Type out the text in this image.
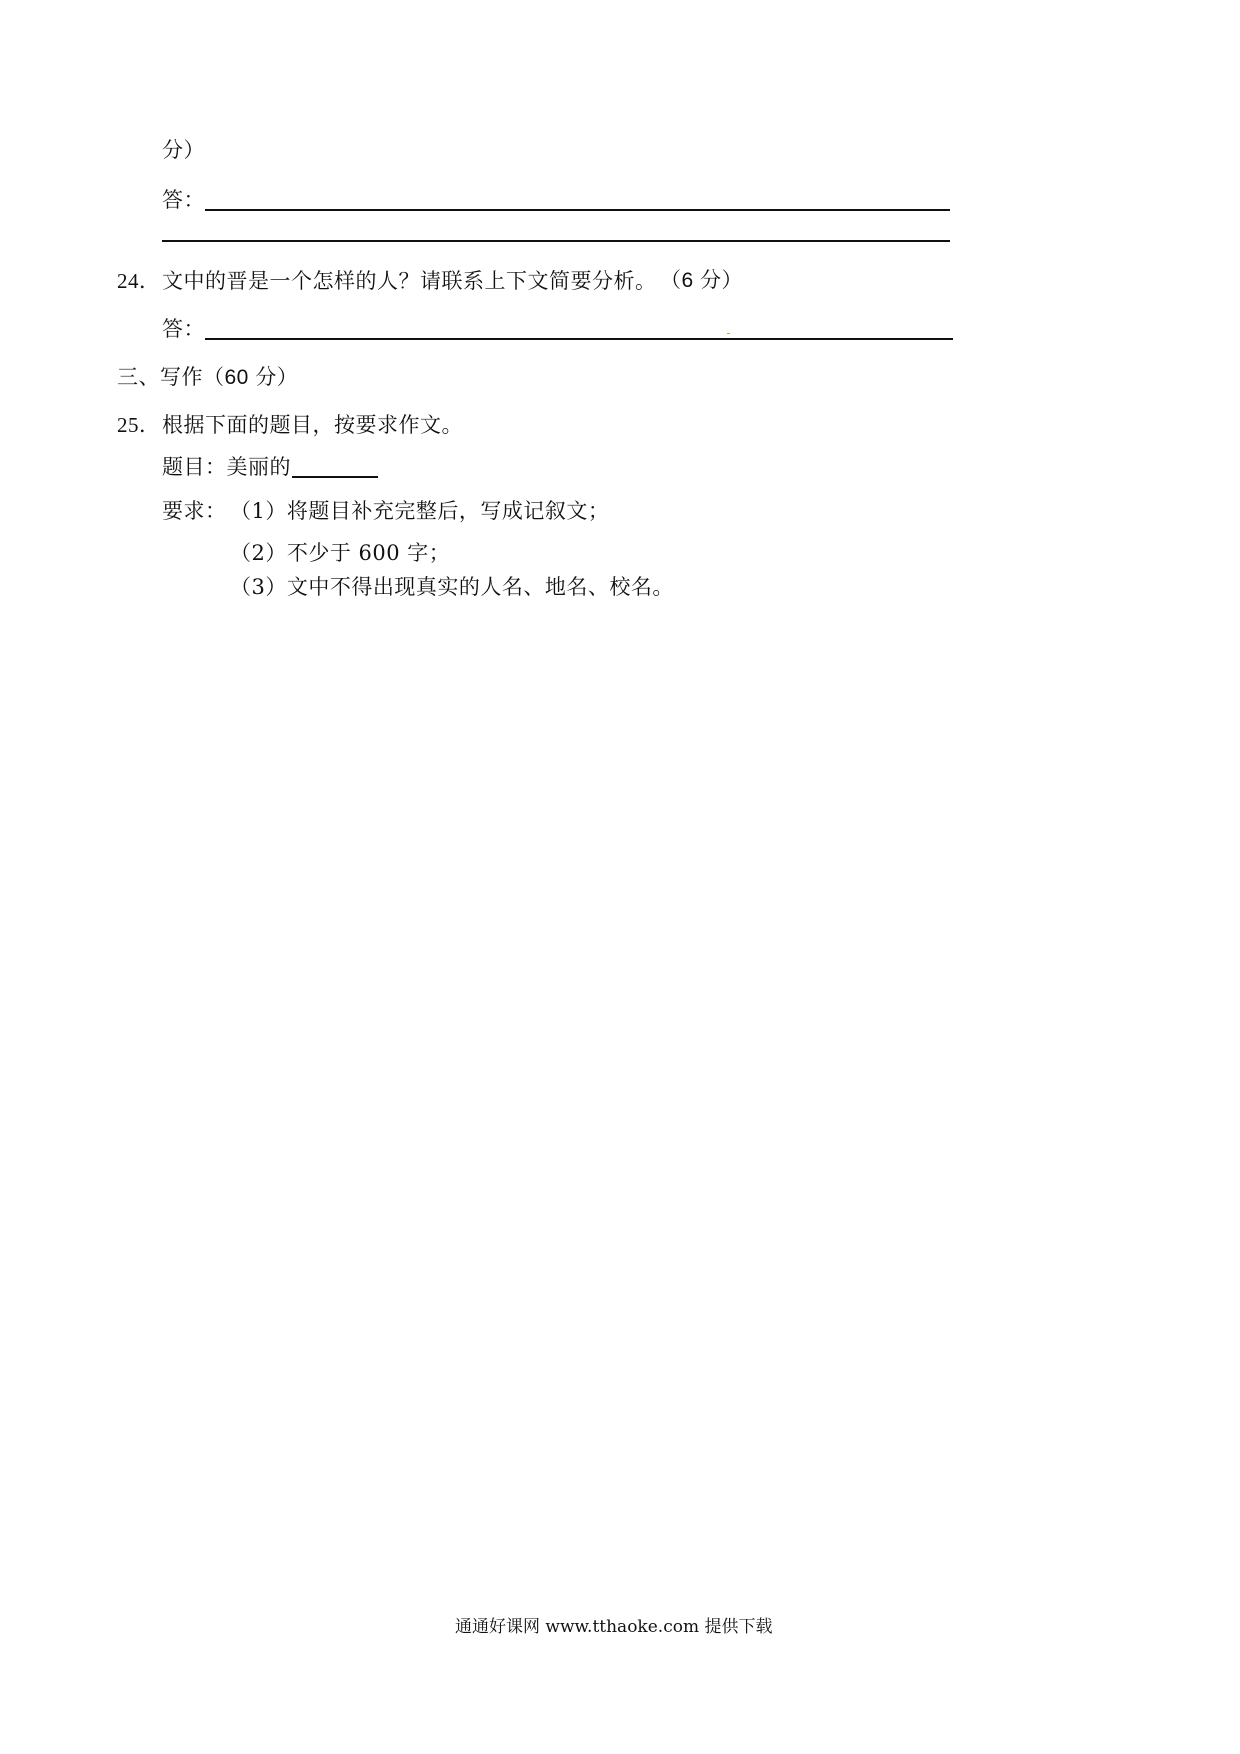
分）
答：
24． 文中的晋是一个怎样的人？请联系上下文简要分析。 （6 分）
答：
三、写作（60 分）
25． 根据下面的题目，按要求作文。
题目：美丽的
要求： （1）将题目补充完整后，写成记叙文；
（2）不少于 600 字；
（3）文中不得出现真实的人名、地名、校名。
通通好课网 www.tthaoke.com 提供下载
